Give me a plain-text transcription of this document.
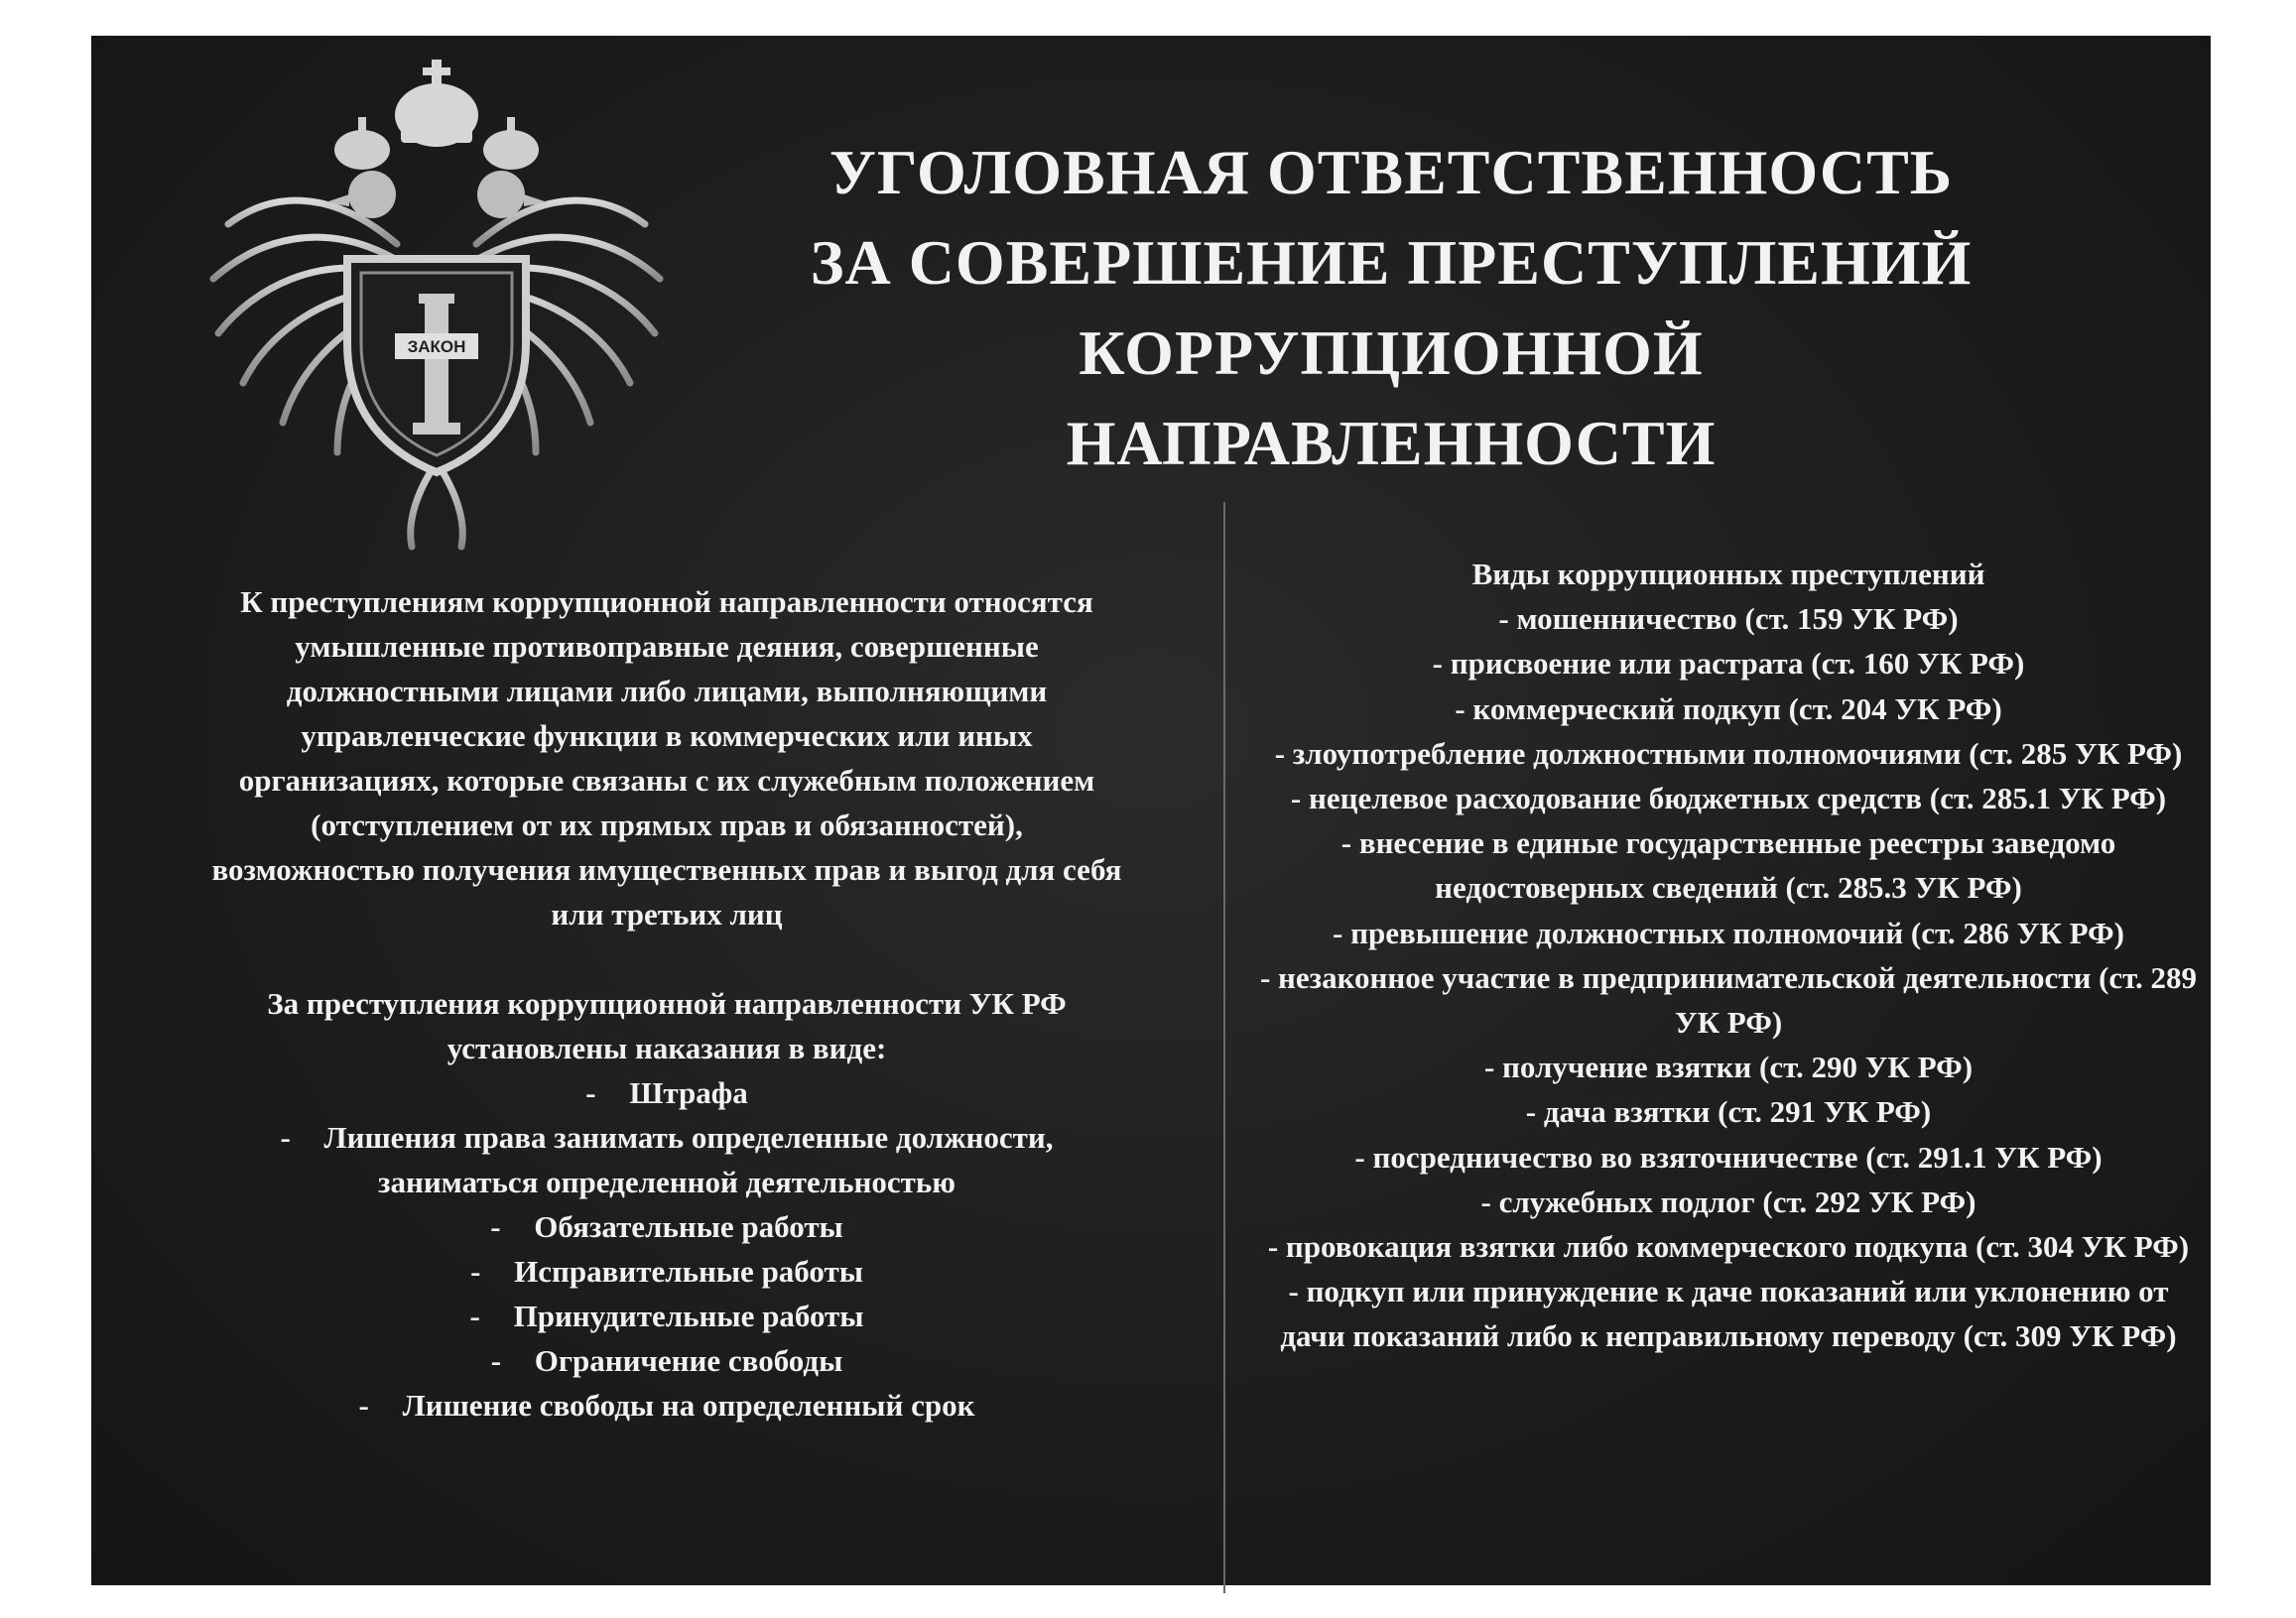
ЗАКОН
УГОЛОВНАЯ ОТВЕТСТВЕННОСТЬ
ЗА СОВЕРШЕНИЕ ПРЕСТУПЛЕНИЙ
КОРРУПЦИОННОЙ
НАПРАВЛЕННОСТИ

К преступлениям коррупционной направленности относятся умышленные противоправные деяния, совершенные должностными лицами либо лицами, выполняющими управленческие функции в коммерческих или иных организациях, которые связаны с их служебным положением (отступлением от их прямых прав и обязанностей), возможностью получения имущественных прав и выгод для себя или третьих лиц

За преступления коррупционной направленности УК РФ установлены наказания в виде:

- Штрафа
- Лишения права занимать определенные должности, заниматься определенной деятельностью
- Обязательные работы
- Исправительные работы
- Принудительные работы
- Ограничение свободы
- Лишение свободы на определенный срок

Виды коррупционных преступлений

- мошенничество (ст. 159 УК РФ)
- присвоение или растрата (ст. 160 УК РФ)
- коммерческий подкуп (ст. 204 УК РФ)
- злоупотребление должностными полномочиями (ст. 285 УК РФ)
- нецелевое расходование бюджетных средств (ст. 285.1 УК РФ)
- внесение в единые государственные реестры заведомо недостоверных сведений (ст. 285.3 УК РФ)
- превышение должностных полномочий (ст. 286 УК РФ)
- незаконное участие в предпринимательской деятельности (ст. 289 УК РФ)
- получение взятки (ст. 290 УК РФ)
- дача взятки (ст. 291 УК РФ)
- посредничество во взяточничестве (ст. 291.1 УК РФ)
- служебных подлог (ст. 292 УК РФ)
- провокация взятки либо коммерческого подкупа (ст. 304 УК РФ)
- подкуп или принуждение к даче показаний или уклонению от дачи показаний либо к неправильному переводу (ст. 309 УК РФ)
